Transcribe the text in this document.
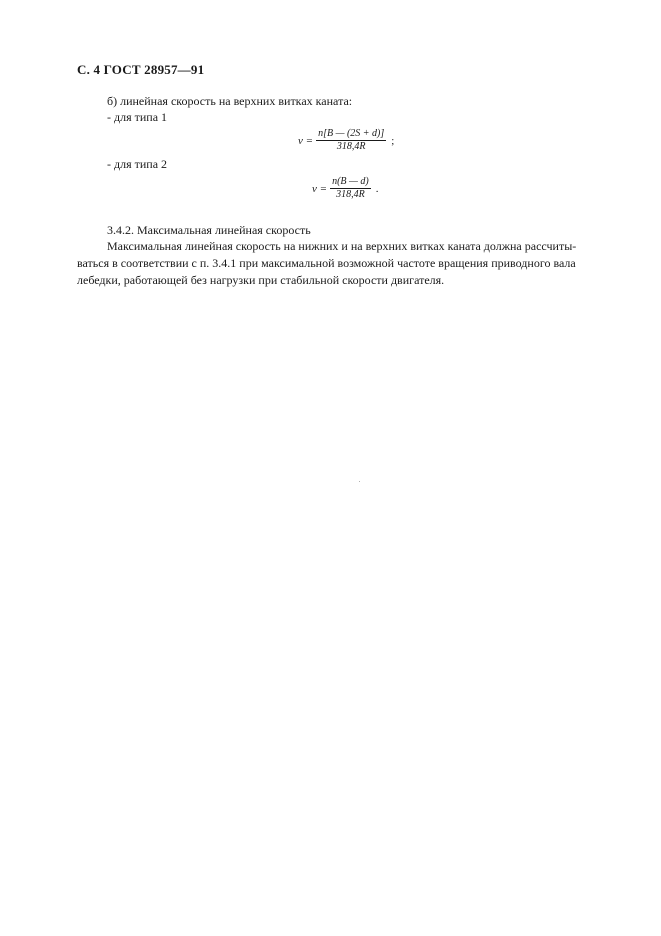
С. 4 ГОСТ 28957—91
б) линейная скорость на верхних витках каната:
- для типа 1
$v = \frac{n[B — (2S + d)]}{318,4R}$ ;
- для типа 2
$v = \frac{n(B — d)}{318,4R}$ .
3.4.2. Максимальная линейная скорость
Максимальная линейная скорость на нижних и на верхних витках каната должна рассчиты-
ваться в соответствии с п. 3.4.1 при максимальной возможной частоте вращения приводного вала
лебедки, работающей без нагрузки при стабильной скорости двигателя.
